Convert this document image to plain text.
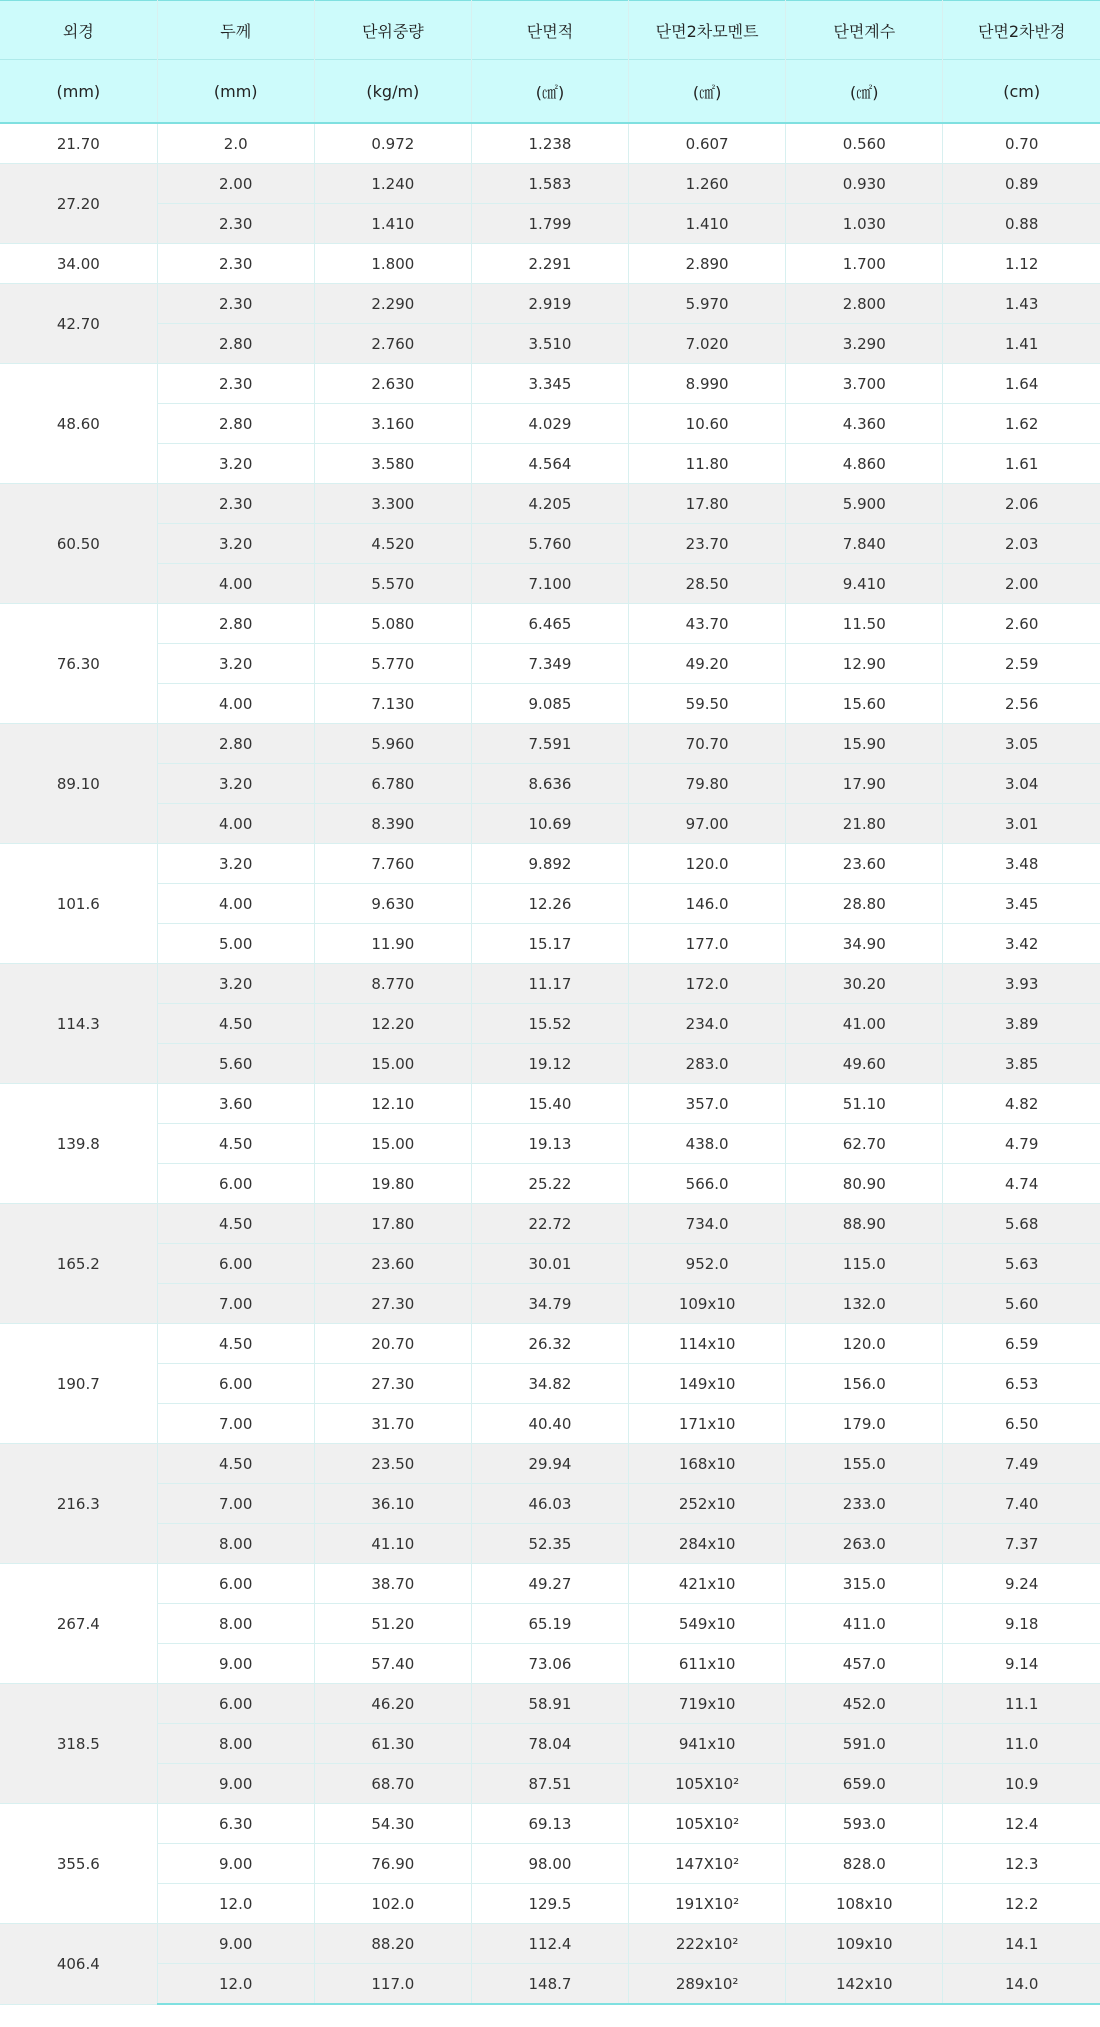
외경	두께	단위중량	단면적	단면2차모멘트	단면계수	단면2차반경
(mm)	(mm)	(kg/m)	(㎠)	(㎠)	(㎠)	(cm)
21.70	2.0	0.972	1.238	0.607	0.560	0.70
27.20	2.00	1.240	1.583	1.260	0.930	0.89
	2.30	1.410	1.799	1.410	1.030	0.88
34.00	2.30	1.800	2.291	2.890	1.700	1.12
42.70	2.30	2.290	2.919	5.970	2.800	1.43
	2.80	2.760	3.510	7.020	3.290	1.41
48.60	2.30	2.630	3.345	8.990	3.700	1.64
	2.80	3.160	4.029	10.60	4.360	1.62
	3.20	3.580	4.564	11.80	4.860	1.61
60.50	2.30	3.300	4.205	17.80	5.900	2.06
	3.20	4.520	5.760	23.70	7.840	2.03
	4.00	5.570	7.100	28.50	9.410	2.00
76.30	2.80	5.080	6.465	43.70	11.50	2.60
	3.20	5.770	7.349	49.20	12.90	2.59
	4.00	7.130	9.085	59.50	15.60	2.56
89.10	2.80	5.960	7.591	70.70	15.90	3.05
	3.20	6.780	8.636	79.80	17.90	3.04
	4.00	8.390	10.69	97.00	21.80	3.01
101.6	3.20	7.760	9.892	120.0	23.60	3.48
	4.00	9.630	12.26	146.0	28.80	3.45
	5.00	11.90	15.17	177.0	34.90	3.42
114.3	3.20	8.770	11.17	172.0	30.20	3.93
	4.50	12.20	15.52	234.0	41.00	3.89
	5.60	15.00	19.12	283.0	49.60	3.85
139.8	3.60	12.10	15.40	357.0	51.10	4.82
	4.50	15.00	19.13	438.0	62.70	4.79
	6.00	19.80	25.22	566.0	80.90	4.74
165.2	4.50	17.80	22.72	734.0	88.90	5.68
	6.00	23.60	30.01	952.0	115.0	5.63
	7.00	27.30	34.79	109x10	132.0	5.60
190.7	4.50	20.70	26.32	114x10	120.0	6.59
	6.00	27.30	34.82	149x10	156.0	6.53
	7.00	31.70	40.40	171x10	179.0	6.50
216.3	4.50	23.50	29.94	168x10	155.0	7.49
	7.00	36.10	46.03	252x10	233.0	7.40
	8.00	41.10	52.35	284x10	263.0	7.37
267.4	6.00	38.70	49.27	421x10	315.0	9.24
	8.00	51.20	65.19	549x10	411.0	9.18
	9.00	57.40	73.06	611x10	457.0	9.14
318.5	6.00	46.20	58.91	719x10	452.0	11.1
	8.00	61.30	78.04	941x10	591.0	11.0
	9.00	68.70	87.51	105X10²	659.0	10.9
355.6	6.30	54.30	69.13	105X10²	593.0	12.4
	9.00	76.90	98.00	147X10²	828.0	12.3
	12.0	102.0	129.5	191X10²	108x10	12.2
406.4	9.00	88.20	112.4	222x10²	109x10	14.1
	12.0	117.0	148.7	289x10²	142x10	14.0
